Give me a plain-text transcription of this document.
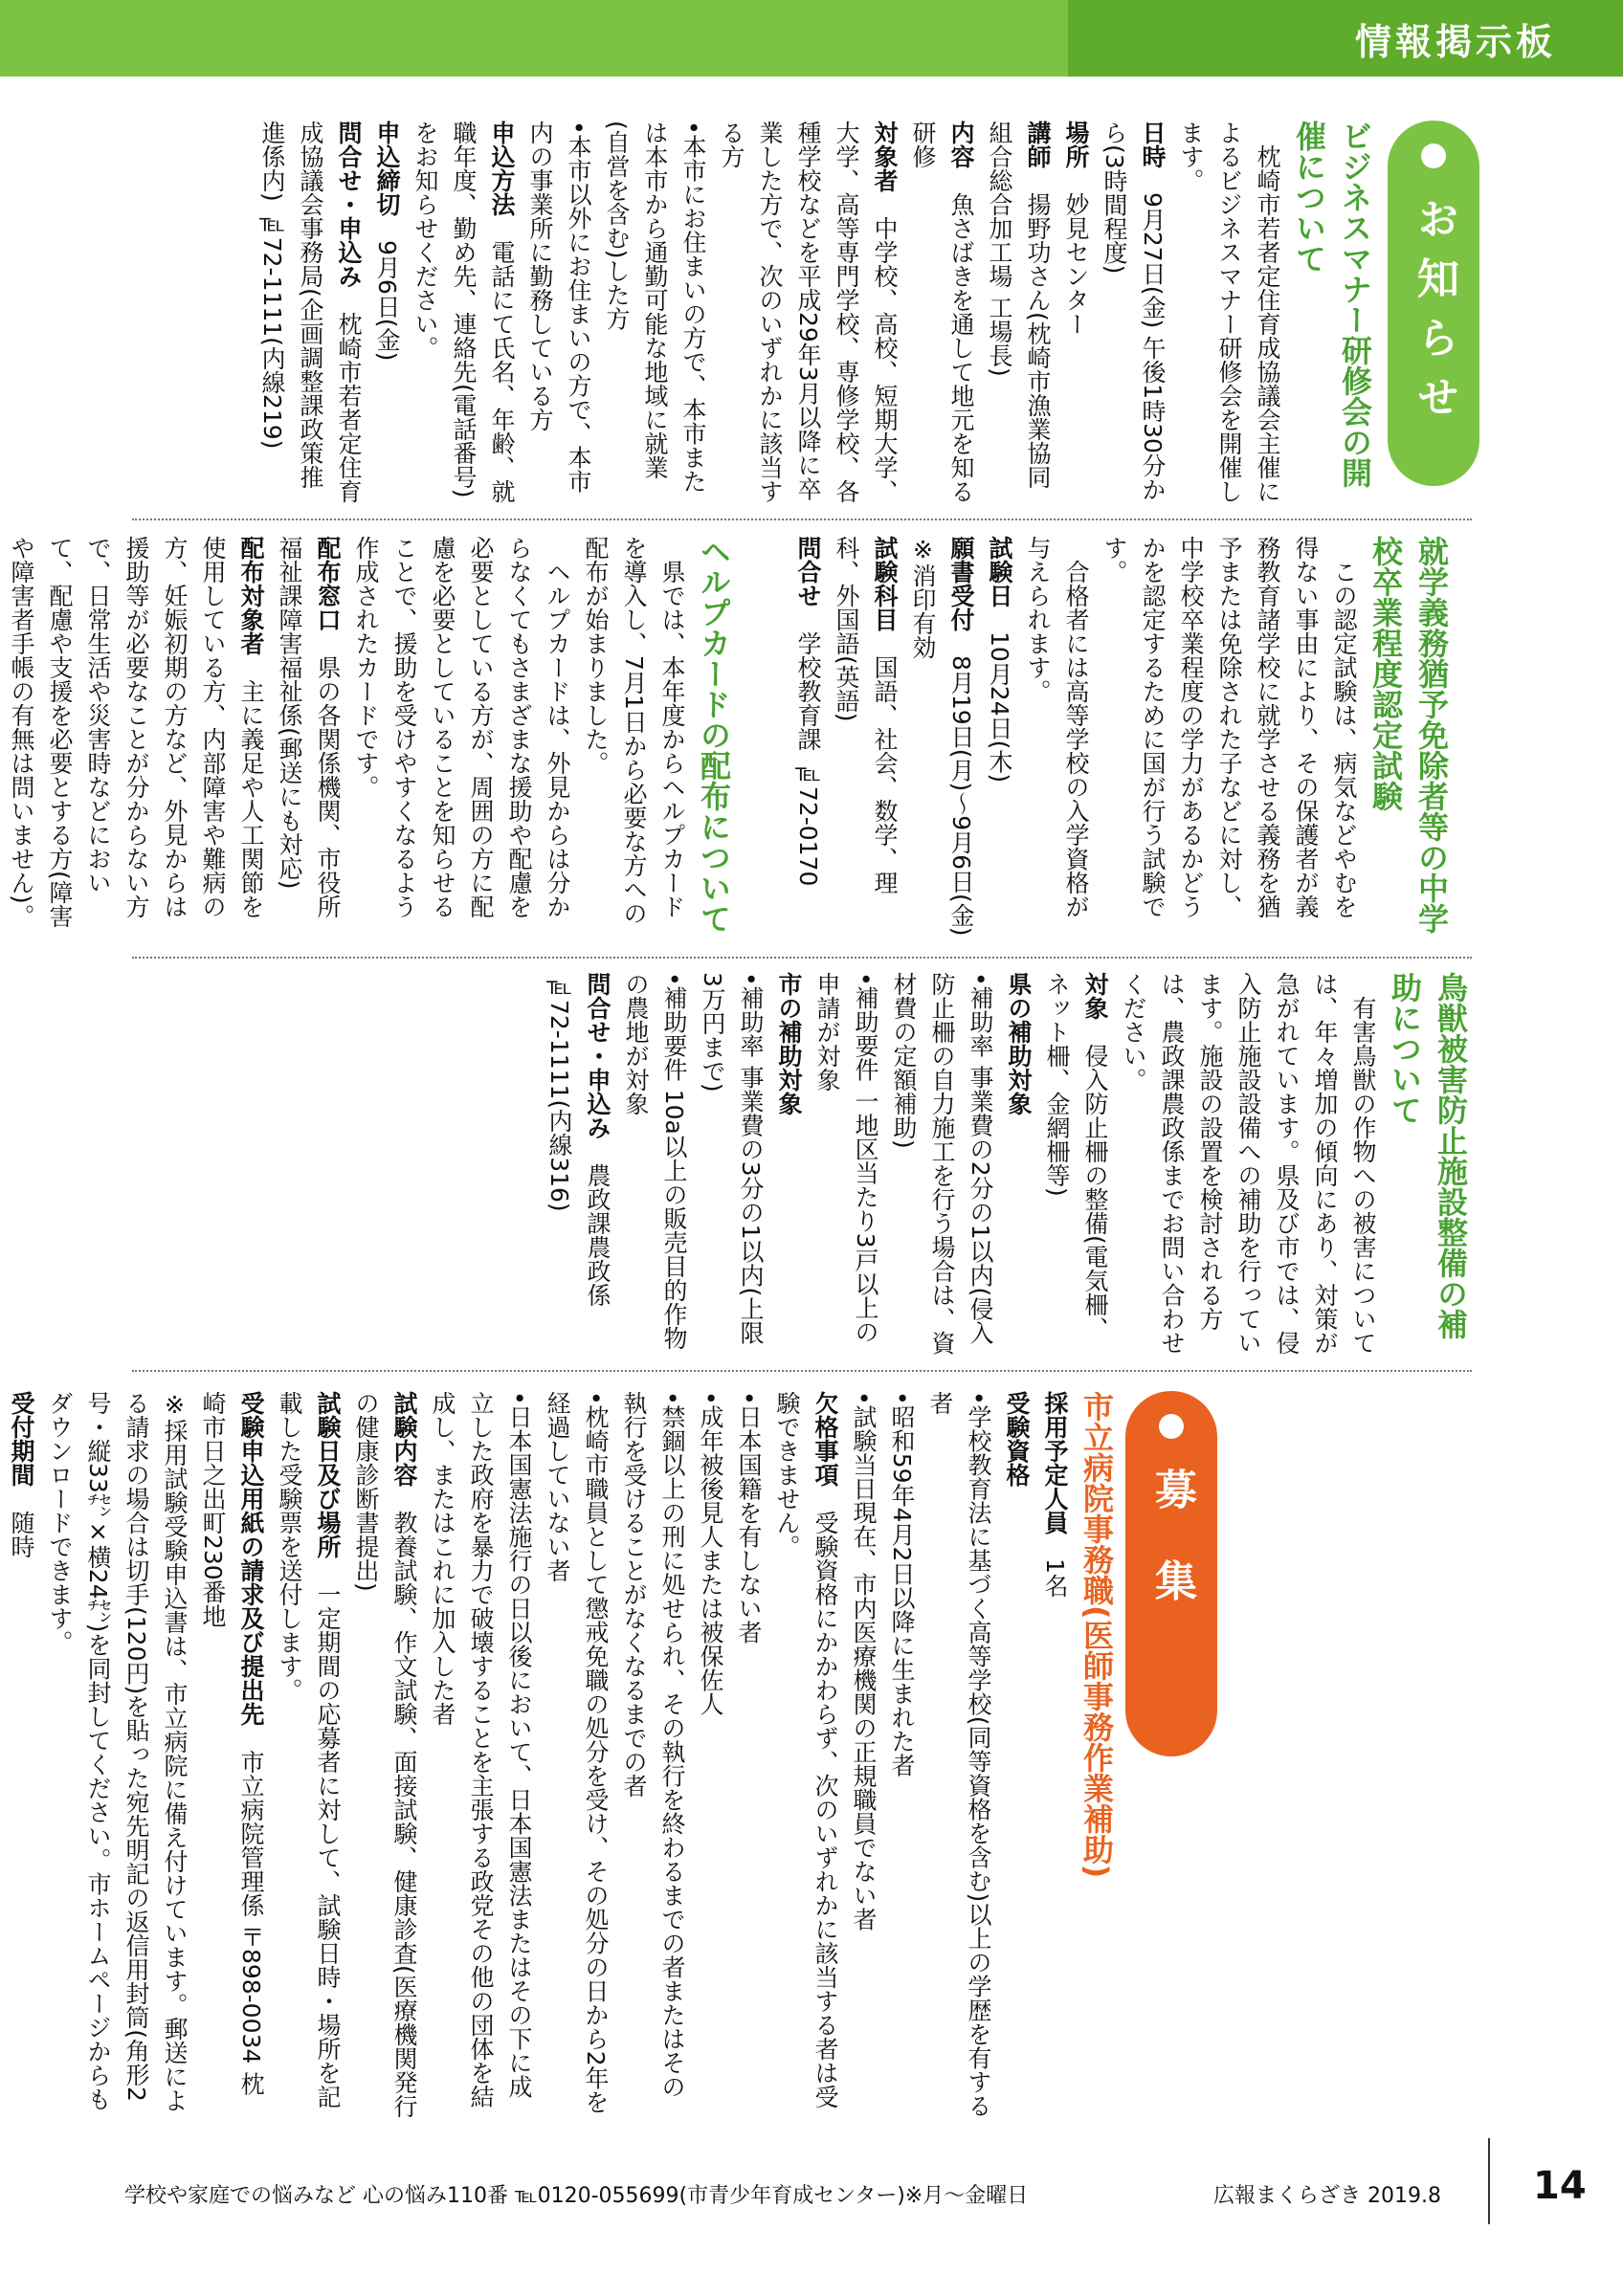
情報掲示板
お知らせ
ビジネスマナー研修会の開催について

枕崎市若者定住育成協議会主催によるビジネスマナー研修会を開催します。

日時　9月27日(金) 午後1時30分から(3時間程度)

場所　妙見センター

講師　揚野功さん(枕崎市漁業協同組合総合加工場 工場長)

内容　魚さばきを通して地元を知る研修

対象者　中学校、高校、短期大学、大学、高等専門学校、専修学校、各種学校などを平成29年3月以降に卒業した方で、次のいずれかに該当する方

•本市にお住まいの方で、本市または本市から通勤可能な地域に就業(自営を含む)した方

•本市以外にお住まいの方で、本市内の事業所に勤務している方

申込方法　電話にて氏名、年齢、就職年度、勤め先、連絡先(電話番号)をお知らせください。

申込締切　9月6日(金)

問合せ・申込み　枕崎市若者定住育成協議会事務局(企画調整課政策推進係内) ℡72-1111(内線219)

就学義務猶予免除者等の中学校卒業程度認定試験

この認定試験は、病気などやむを得ない事由により、その保護者が義務教育諸学校に就学させる義務を猶予または免除された子などに対し、中学校卒業程度の学力があるかどうかを認定するために国が行う試験です。

合格者には高等学校の入学資格が与えられます。

試験日　10月24日(木)

願書受付　8月19日(月)〜9月6日(金) ※消印有効

試験科目　国語、社会、数学、理科、外国語(英語)

問合せ　学校教育課 ℡72-0170

ヘルプカードの配布について

県では、本年度からヘルプカードを導入し、7月1日から必要な方への配布が始まりました。

ヘルプカードは、外見からは分からなくてもさまざまな援助や配慮を必要としている方が、周囲の方に配慮を必要としていることを知らせることで、援助を受けやすくなるよう作成されたカードです。

配布窓口　県の各関係機関、市役所福祉課障害福祉係(郵送にも対応)

配布対象者　主に義足や人工関節を使用している方、内部障害や難病の方、妊娠初期の方など、外見からは援助等が必要なことが分からない方で、日常生活や災害時などにおいて、配慮や支援を必要とする方(障害や障害者手帳の有無は問いません)。

鳥獣被害防止施設整備の補助について

有害鳥獣の作物への被害については、年々増加の傾向にあり、対策が急がれています。県及び市では、侵入防止施設設備への補助を行っています。施設の設置を検討される方は、農政課農政係までお問い合わせください。

対象　侵入防止柵の整備(電気柵、ネット柵、金網柵等)

県の補助対象　

•補助率 事業費の2分の1以内(侵入防止柵の自力施工を行う場合は、資材費の定額補助)

•補助要件 一地区当たり3戸以上の申請が対象

市の補助対象　

•補助率 事業費の3分の1以内(上限3万円まで)

•補助要件 10a以上の販売目的作物の農地が対象

問合せ・申込み　農政課農政係 ℡72-1111(内線316)

募 集
市立病院事務職(医師事務作業補助)

採用予定人員　1名

受験資格　

•学校教育法に基づく高等学校(同等資格を含む)以上の学歴を有する者

•昭和59年4月2日以降に生まれた者

•試験当日現在、市内医療機関の正規職員でない者

欠格事項　受験資格にかかわらず、次のいずれかに該当する者は受験できません。

•日本国籍を有しない者

•成年被後見人または被保佐人

•禁錮以上の刑に処せられ、その執行を終わるまでの者またはその執行を受けることがなくなるまでの者

•枕崎市職員として懲戒免職の処分を受け、その処分の日から2年を経過していない者

•日本国憲法施行の日以後において、日本国憲法またはその下に成立した政府を暴力で破壊することを主張する政党その他の団体を結成し、またはこれに加入した者

試験内容　教養試験、作文試験、面接試験、健康診査(医療機関発行の健康診断書提出)

試験日及び場所　一定期間の応募者に対して、試験日時・場所を記載した受験票を送付します。

受験申込用紙の請求及び提出先　市立病院管理係 〒898-0034 枕崎市日之出町230番地

※採用試験受験申込書は、市立病院に備え付けています。郵送による請求の場合は切手(120円)を貼った宛先明記の返信用封筒(角形2号・縦33㌢×横24㌢)を同封してください。市ホームページからもダウンロードできます。

受付期間　随時

学校や家庭での悩みなど 心の悩み110番 ℡0120-055699(市青少年育成センター)※月〜金曜日	広報まくらざき 2019.8 14
